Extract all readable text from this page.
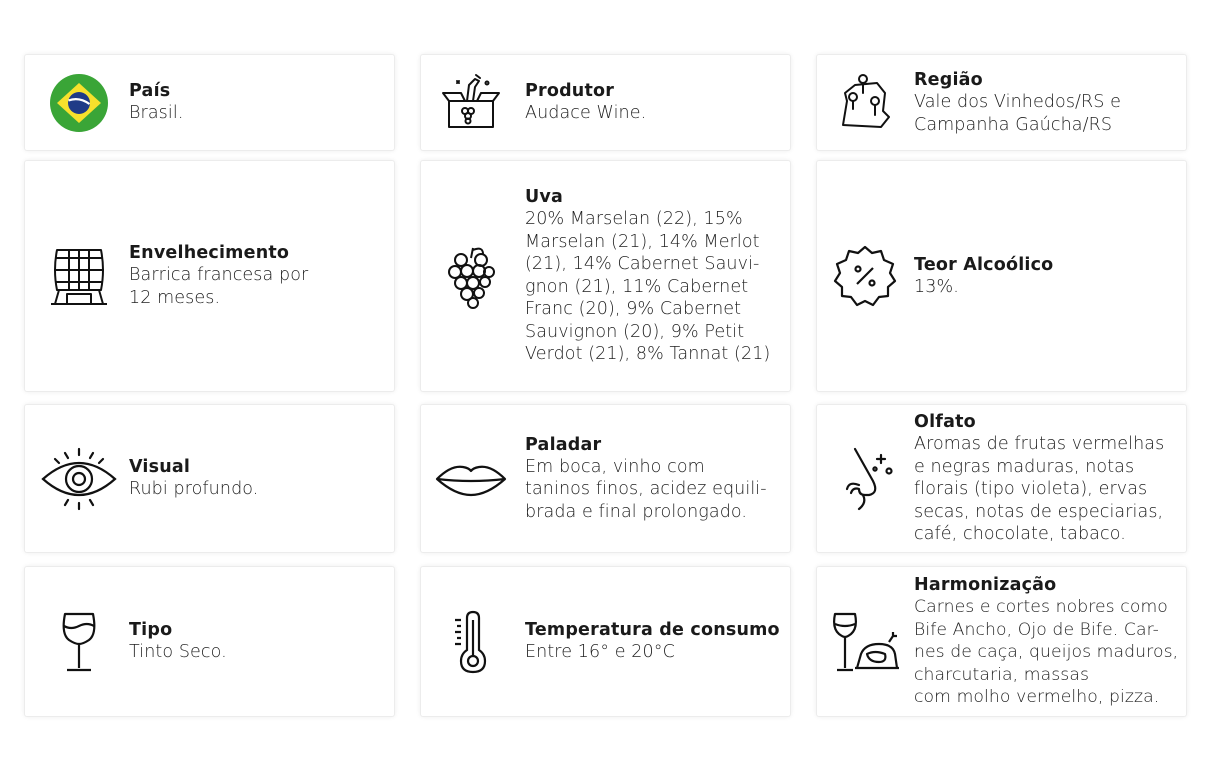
País
Brasil.
Produtor
Audace Wine.
Região
Vale dos Vinhedos/RS e
Campanha Gaúcha/RS
Envelhecimento
Barrica francesa por
12 meses.
Uva
20% Marselan (22), 15%
Marselan (21), 14% Merlot
(21), 14% Cabernet Sauvi-
gnon (21), 11% Cabernet
Franc (20), 9% Cabernet
Sauvignon (20), 9% Petit
Verdot (21), 8% Tannat (21)
Teor Alcoólico
13%.
Visual
Rubi profundo.
Paladar
Em boca, vinho com
taninos finos, acidez equili-
brada e final prolongado.
Olfato
Aromas de frutas vermelhas
e negras maduras, notas
florais (tipo violeta), ervas
secas, notas de especiarias,
café, chocolate, tabaco.
Tipo
Tinto Seco.
Temperatura de consumo
Entre 16° e 20°C
Harmonização
Carnes e cortes nobres como
Bife Ancho, Ojo de Bife. Car-
nes de caça, queijos maduros,
charcutaria, massas
com molho vermelho, pizza.
